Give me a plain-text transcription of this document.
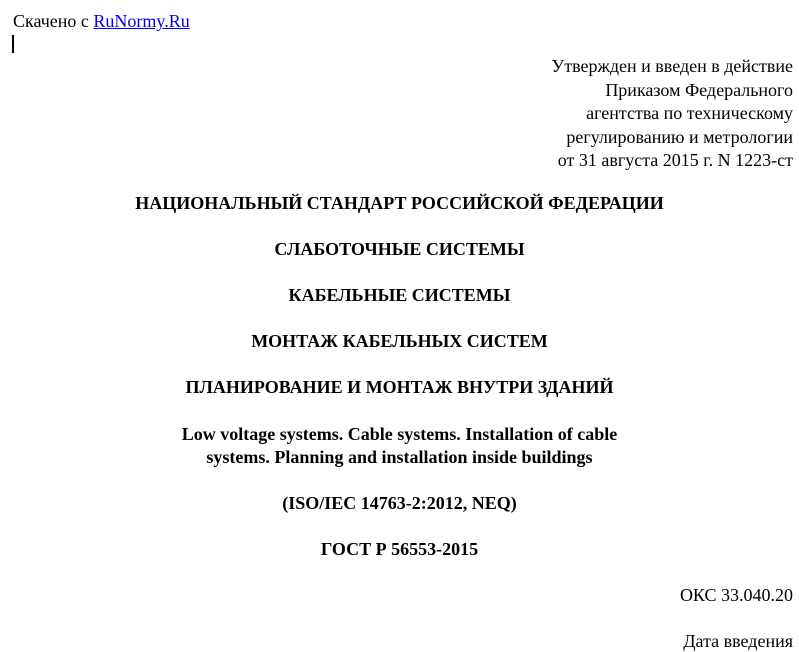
Скачено с RuNormy.Ru
Утвержден и введен в действие
Приказом Федерального
агентства по техническому
регулированию и метрологии
от 31 августа 2015 г. N 1223-ст
НАЦИОНАЛЬНЫЙ СТАНДАРТ РОССИЙСКОЙ ФЕДЕРАЦИИ
СЛАБОТОЧНЫЕ СИСТЕМЫ
КАБЕЛЬНЫЕ СИСТЕМЫ
МОНТАЖ КАБЕЛЬНЫХ СИСТЕМ
ПЛАНИРОВАНИЕ И МОНТАЖ ВНУТРИ ЗДАНИЙ
Low voltage systems. Cable systems. Installation of cable
systems. Planning and installation inside buildings
(ISO/IEC 14763-2:2012, NEQ)
ГОСТ Р 56553-2015
ОКС 33.040.20
Дата введения
